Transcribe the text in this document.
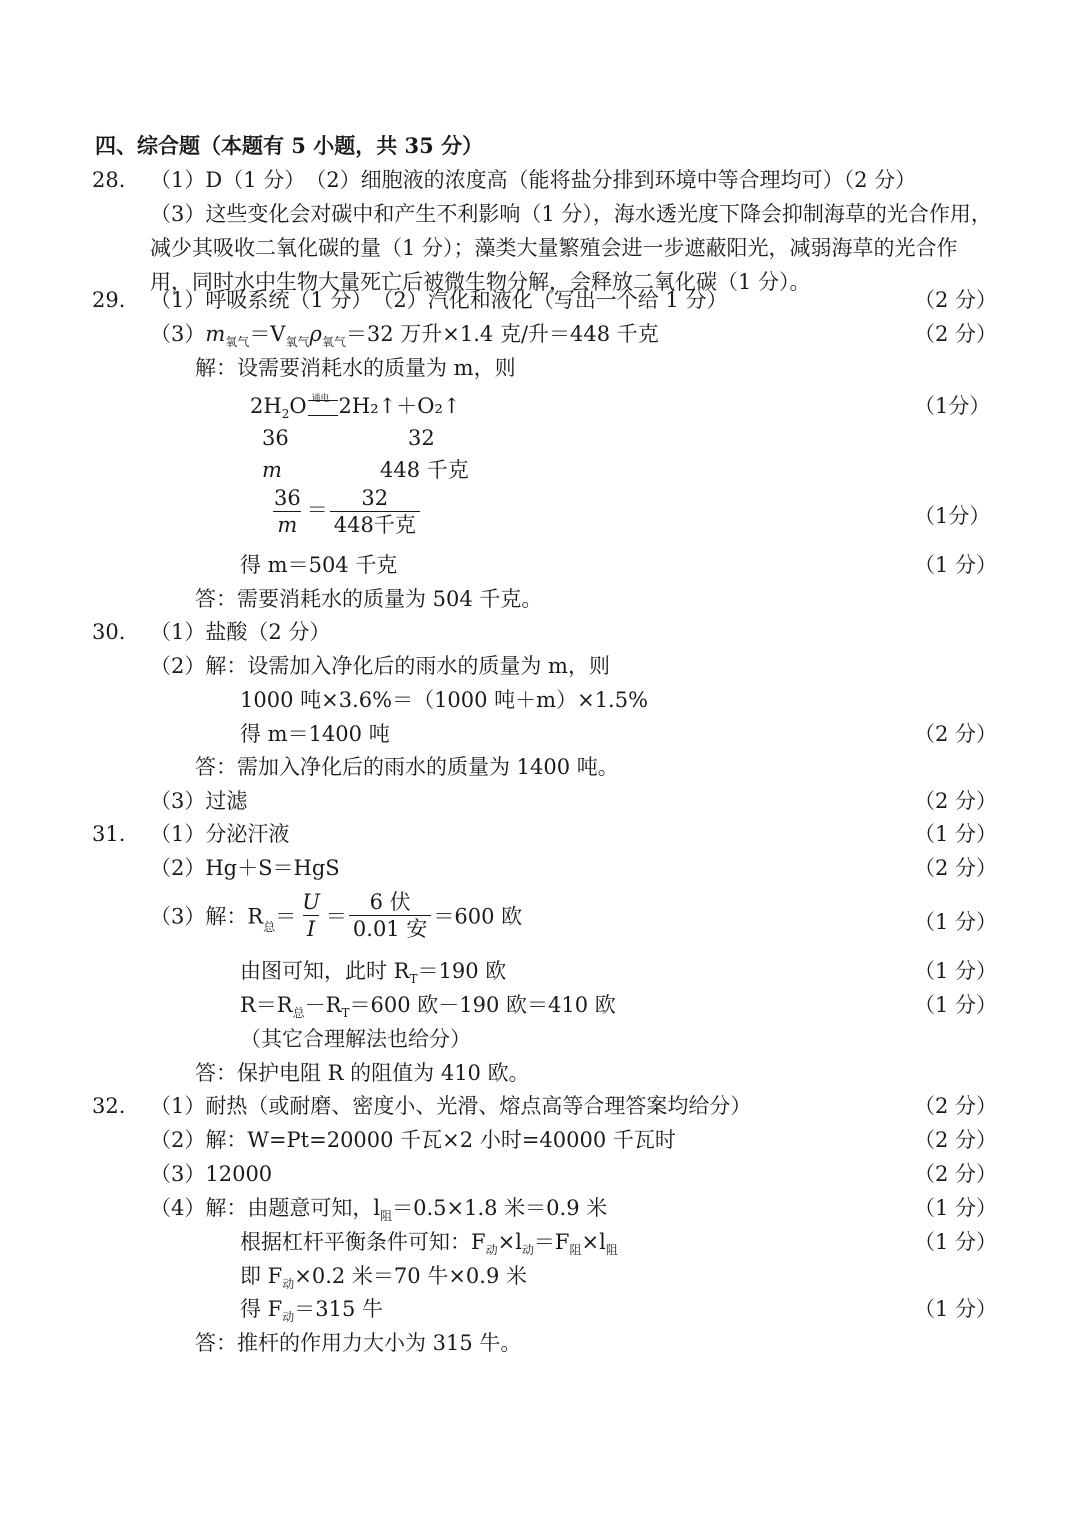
四、综合题（本题有 5 小题，共 35 分）
28. （1）D（1 分）　（2）细胞液的浓度高（能将盐分排到环境中等合理均可）（2 分）
（3）这些变化会对碳中和产生不利影响（1 分），海水透光度下降会抑制海草的光合作用，减少其吸收二氧化碳的量（1 分）；藻类大量繁殖会进一步遮蔽阳光，减弱海草的光合作用，同时水中生物大量死亡后被微生物分解，会释放二氧化碳（1 分）。
29. （1）呼吸系统（1 分）　（2）汽化和液化（写出一个给 1 分）	（2 分）
$(3)m_{氧气}=V_{氧气}\rho_{氧气}=32$ 万升×1.4 克/升＝448 千克	（2 分）
解：设需要消耗水的质量为 m，则
$2H_2O$ 通电 2H₂↑＋O₂↑	（1分）
36	32
m	448 千克
$\frac{36}{m} = \frac{32}{\text{448千克}}$	（1分）
得 m＝504 千克	（1 分）
答：需要消耗水的质量为 504 千克。
30. （1）盐酸（2 分）
（2）解：设需加入净化后的雨水的质量为 m，则
1000 吨×3.6%＝（1000 吨＋m）×1.5%
得 m＝1400 吨	（2 分）
答：需加入净化后的雨水的质量为 1400 吨。
（3）过滤	（2 分）
31. （1）分泌汗液	（1 分）
（2）Hg＋S＝HgS	（2 分）
（3）解：$R_总= \frac{U}{I} = \frac{\text{6 伏}}{\text{0.01 安}} =600$ 欧	（1 分）
由图可知，此时 $R_T=190$ 欧	（1 分）
$R=R_总-R_T=600$ 欧－190 欧＝410 欧	（1 分）
（其它合理解法也给分）
答：保护电阻 R 的阻值为 410 欧。
32. （1）耐热（或耐磨、密度小、光滑、熔点高等合理答案均给分）	（2 分）
（2）解：W=Pt=20000 千瓦×2 小时=40000 千瓦时	（2 分）
（3）12000	（2 分）
（4）解：由题意可知，$l_阻=0.5\times 1.8$ 米＝0.9 米	（1 分）
根据杠杆平衡条件可知：$F_动\times l_动=F_阻\times l_阻$	（1 分）
即 $F_动\times 0.2$ 米＝70 牛×0.9 米
得 $F_动=315$ 牛	（1 分）
答：推杆的作用力大小为 315 牛。
